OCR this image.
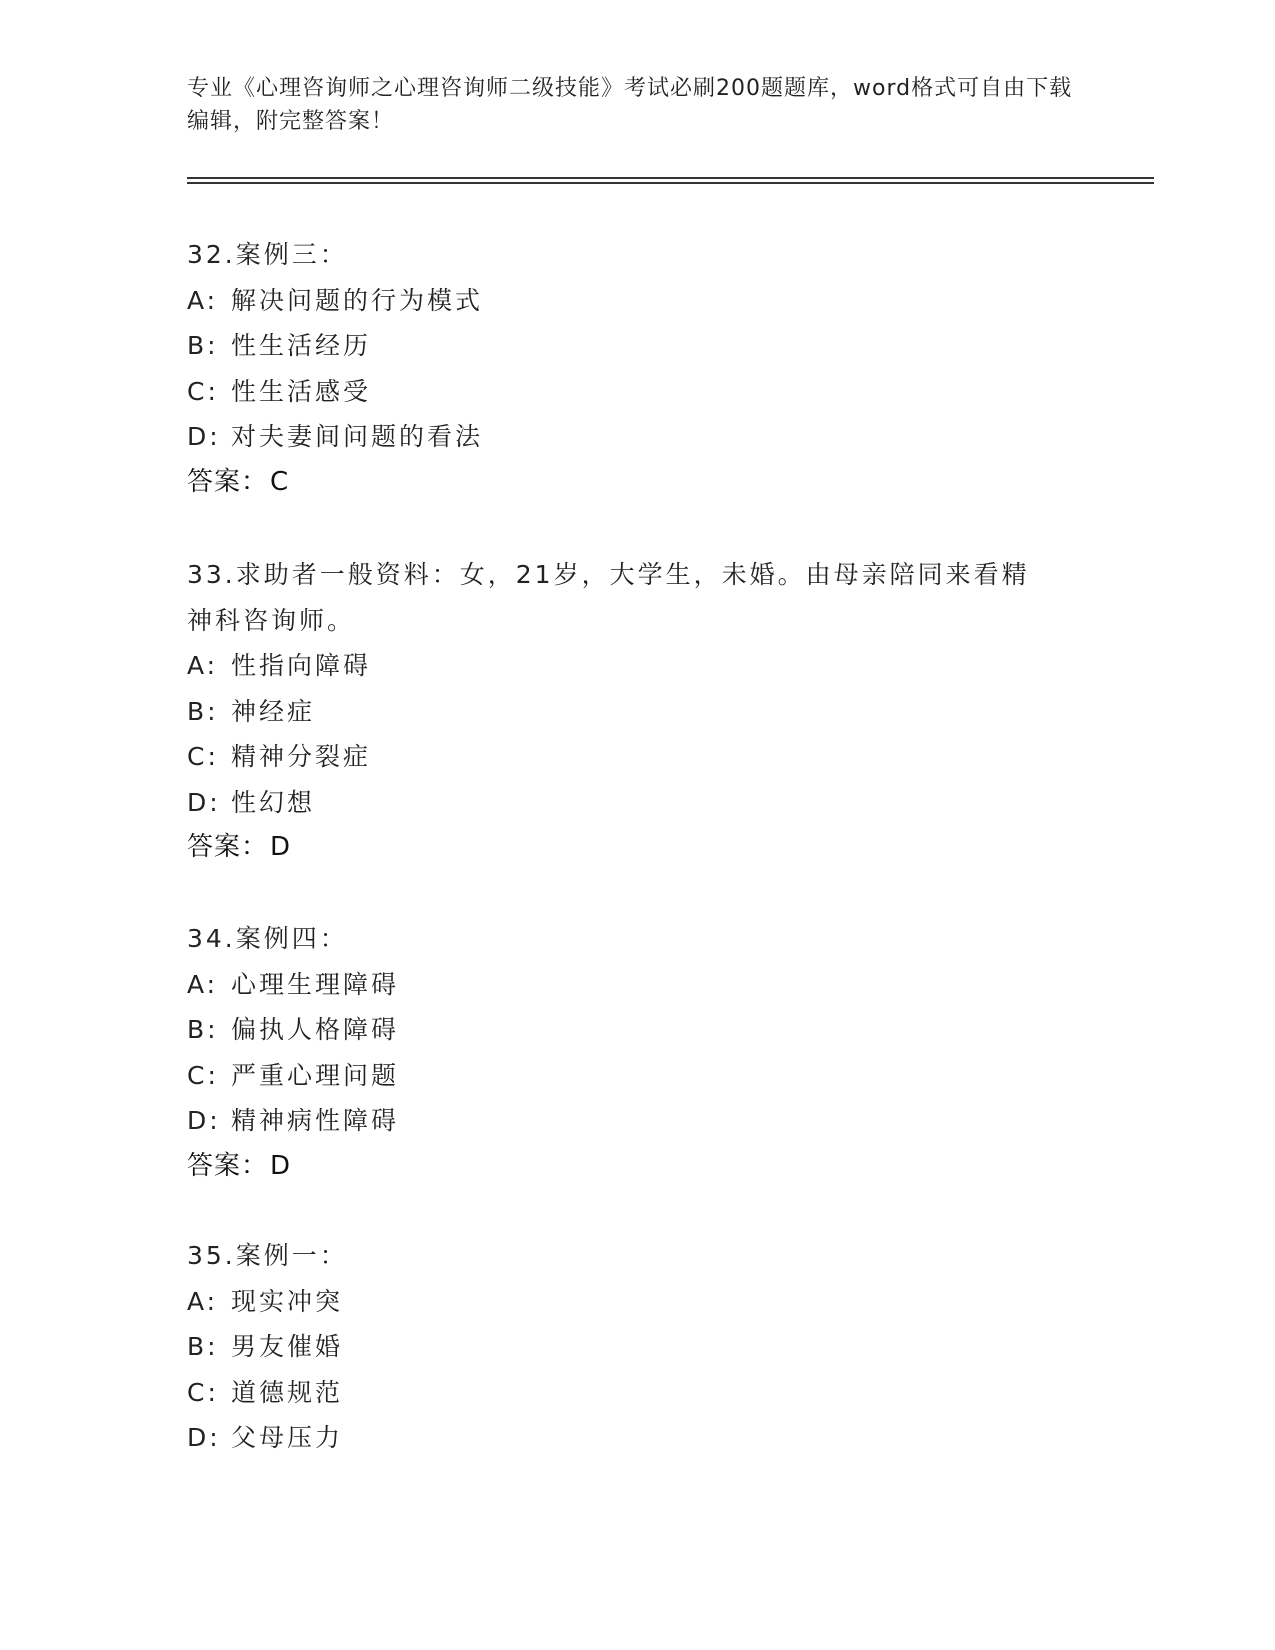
专业《心理咨询师之心理咨询师二级技能》考试必刷200题题库，word格式可自由下载编辑，附完整答案！

32.案例三：

A: 解决问题的行为模式

B: 性生活经历

C: 性生活感受

D: 对夫妻间问题的看法

答案：C

33.求助者一般资料：女，21岁，大学生，未婚。由母亲陪同来看精神科咨询师。

A: 性指向障碍

B: 神经症

C: 精神分裂症

D: 性幻想

答案：D

34.案例四：

A: 心理生理障碍

B: 偏执人格障碍

C: 严重心理问题

D: 精神病性障碍

答案：D

35.案例一：

A: 现实冲突

B: 男友催婚

C: 道德规范

D: 父母压力
